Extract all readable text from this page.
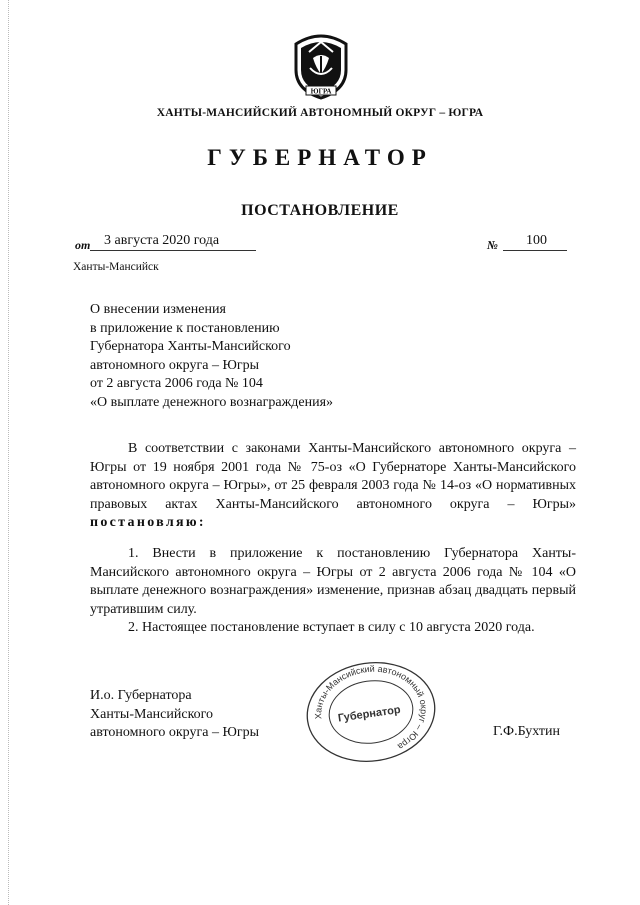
ЮГРА
ХАНТЫ-МАНСИЙСКИЙ АВТОНОМНЫЙ ОКРУГ – ЮГРА
ГУБЕРНАТОР
ПОСТАНОВЛЕНИЕ
от 3 августа 2020 года	№ 100
Ханты-Мансийск
О внесении изменения
в приложение к постановлению
Губернатора Ханты-Мансийского
автономного округа – Югры
от 2 августа 2006 года № 104
«О выплате денежного вознаграждения»

В соответствии с законами Ханты-Мансийского автономного округа – Югры от 19 ноября 2001 года № 75-оз «О Губернаторе Ханты-Мансийского автономного округа – Югры», от 25 февраля 2003 года № 14-оз «О нормативных правовых актах Ханты-Мансийского автономного округа – Югры» постановляю:

1. Внести в приложение к постановлению Губернатора Ханты-Мансийского автономного округа – Югры от 2 августа 2006 года № 104 «О выплате денежного вознаграждения» изменение, признав абзац двадцать первый утратившим силу.

2. Настоящее постановление вступает в силу с 10 августа 2020 года.

И.о. Губернатора
Ханты-Мансийского
автономного округа – Югры
Ханты-Мансийский автономный округ – Югра
Губернатор
Г.Ф.Бухтин
